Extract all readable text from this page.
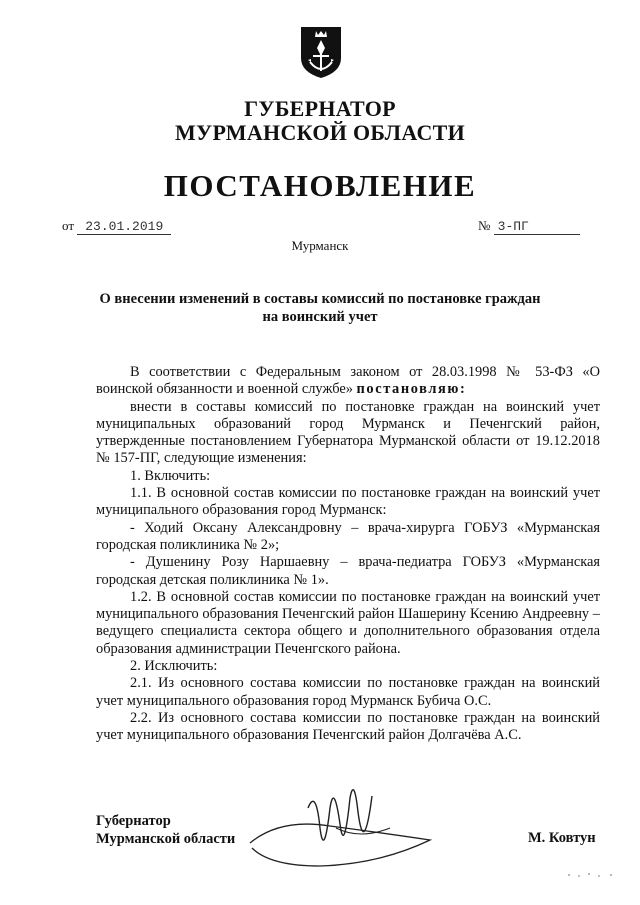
ГУБЕРНАТОР
МУРМАНСКОЙ ОБЛАСТИ
ПОСТАНОВЛЕНИЕ
от 23.01.2019	№ 3-ПГ
Мурманск
О внесении изменений в составы комиссий по постановке граждан
на воинский учет

В соответствии с Федеральным законом от 28.03.1998 № 53-ФЗ «О воинской обязанности и военной службе» постановляю:

внести в составы комиссий по постановке граждан на воинский учет муниципальных образований город Мурманск и Печенгский район, утвержденные постановлением Губернатора Мурманской области от 19.12.2018 № 157-ПГ, следующие изменения:

1. Включить:

1.1. В основной состав комиссии по постановке граждан на воинский учет муниципального образования город Мурманск:

- Ходий Оксану Александровну – врача-хирурга ГОБУЗ «Мурманская городская поликлиника № 2»;

- Душенину Розу Наршаевну – врача-педиатра ГОБУЗ «Мурманская городская детская поликлиника № 1».

1.2. В основной состав комиссии по постановке граждан на воинский учет муниципального образования Печенгский район Шашерину Ксению Андреевну – ведущего специалиста сектора общего и дополнительного образования отдела образования администрации Печенгского района.

2. Исключить:

2.1. Из основного состава комиссии по постановке граждан на воинский учет муниципального образования город Мурманск Бубича О.С.

2.2. Из основного состава комиссии по постановке граждан на воинский учет муниципального образования Печенгский район Долгачёва А.С.

Губернатор
Мурманской области	М. Ковтун
